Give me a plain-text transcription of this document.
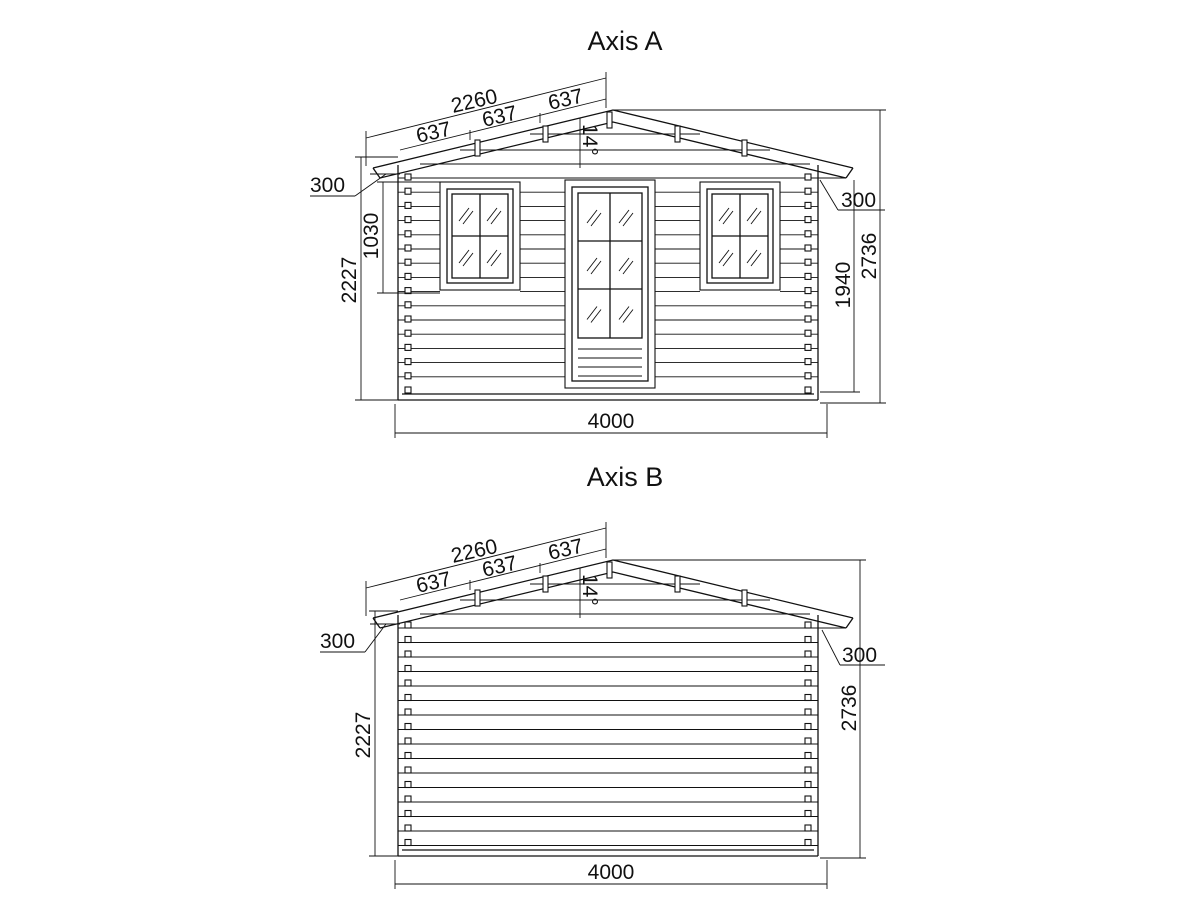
Axis A
2260
637
637
637
14°
300
300
1030
2227	1940
2736
4000
Axis B
2260
637
637
637
14°
300
300
2227
2736
4000
